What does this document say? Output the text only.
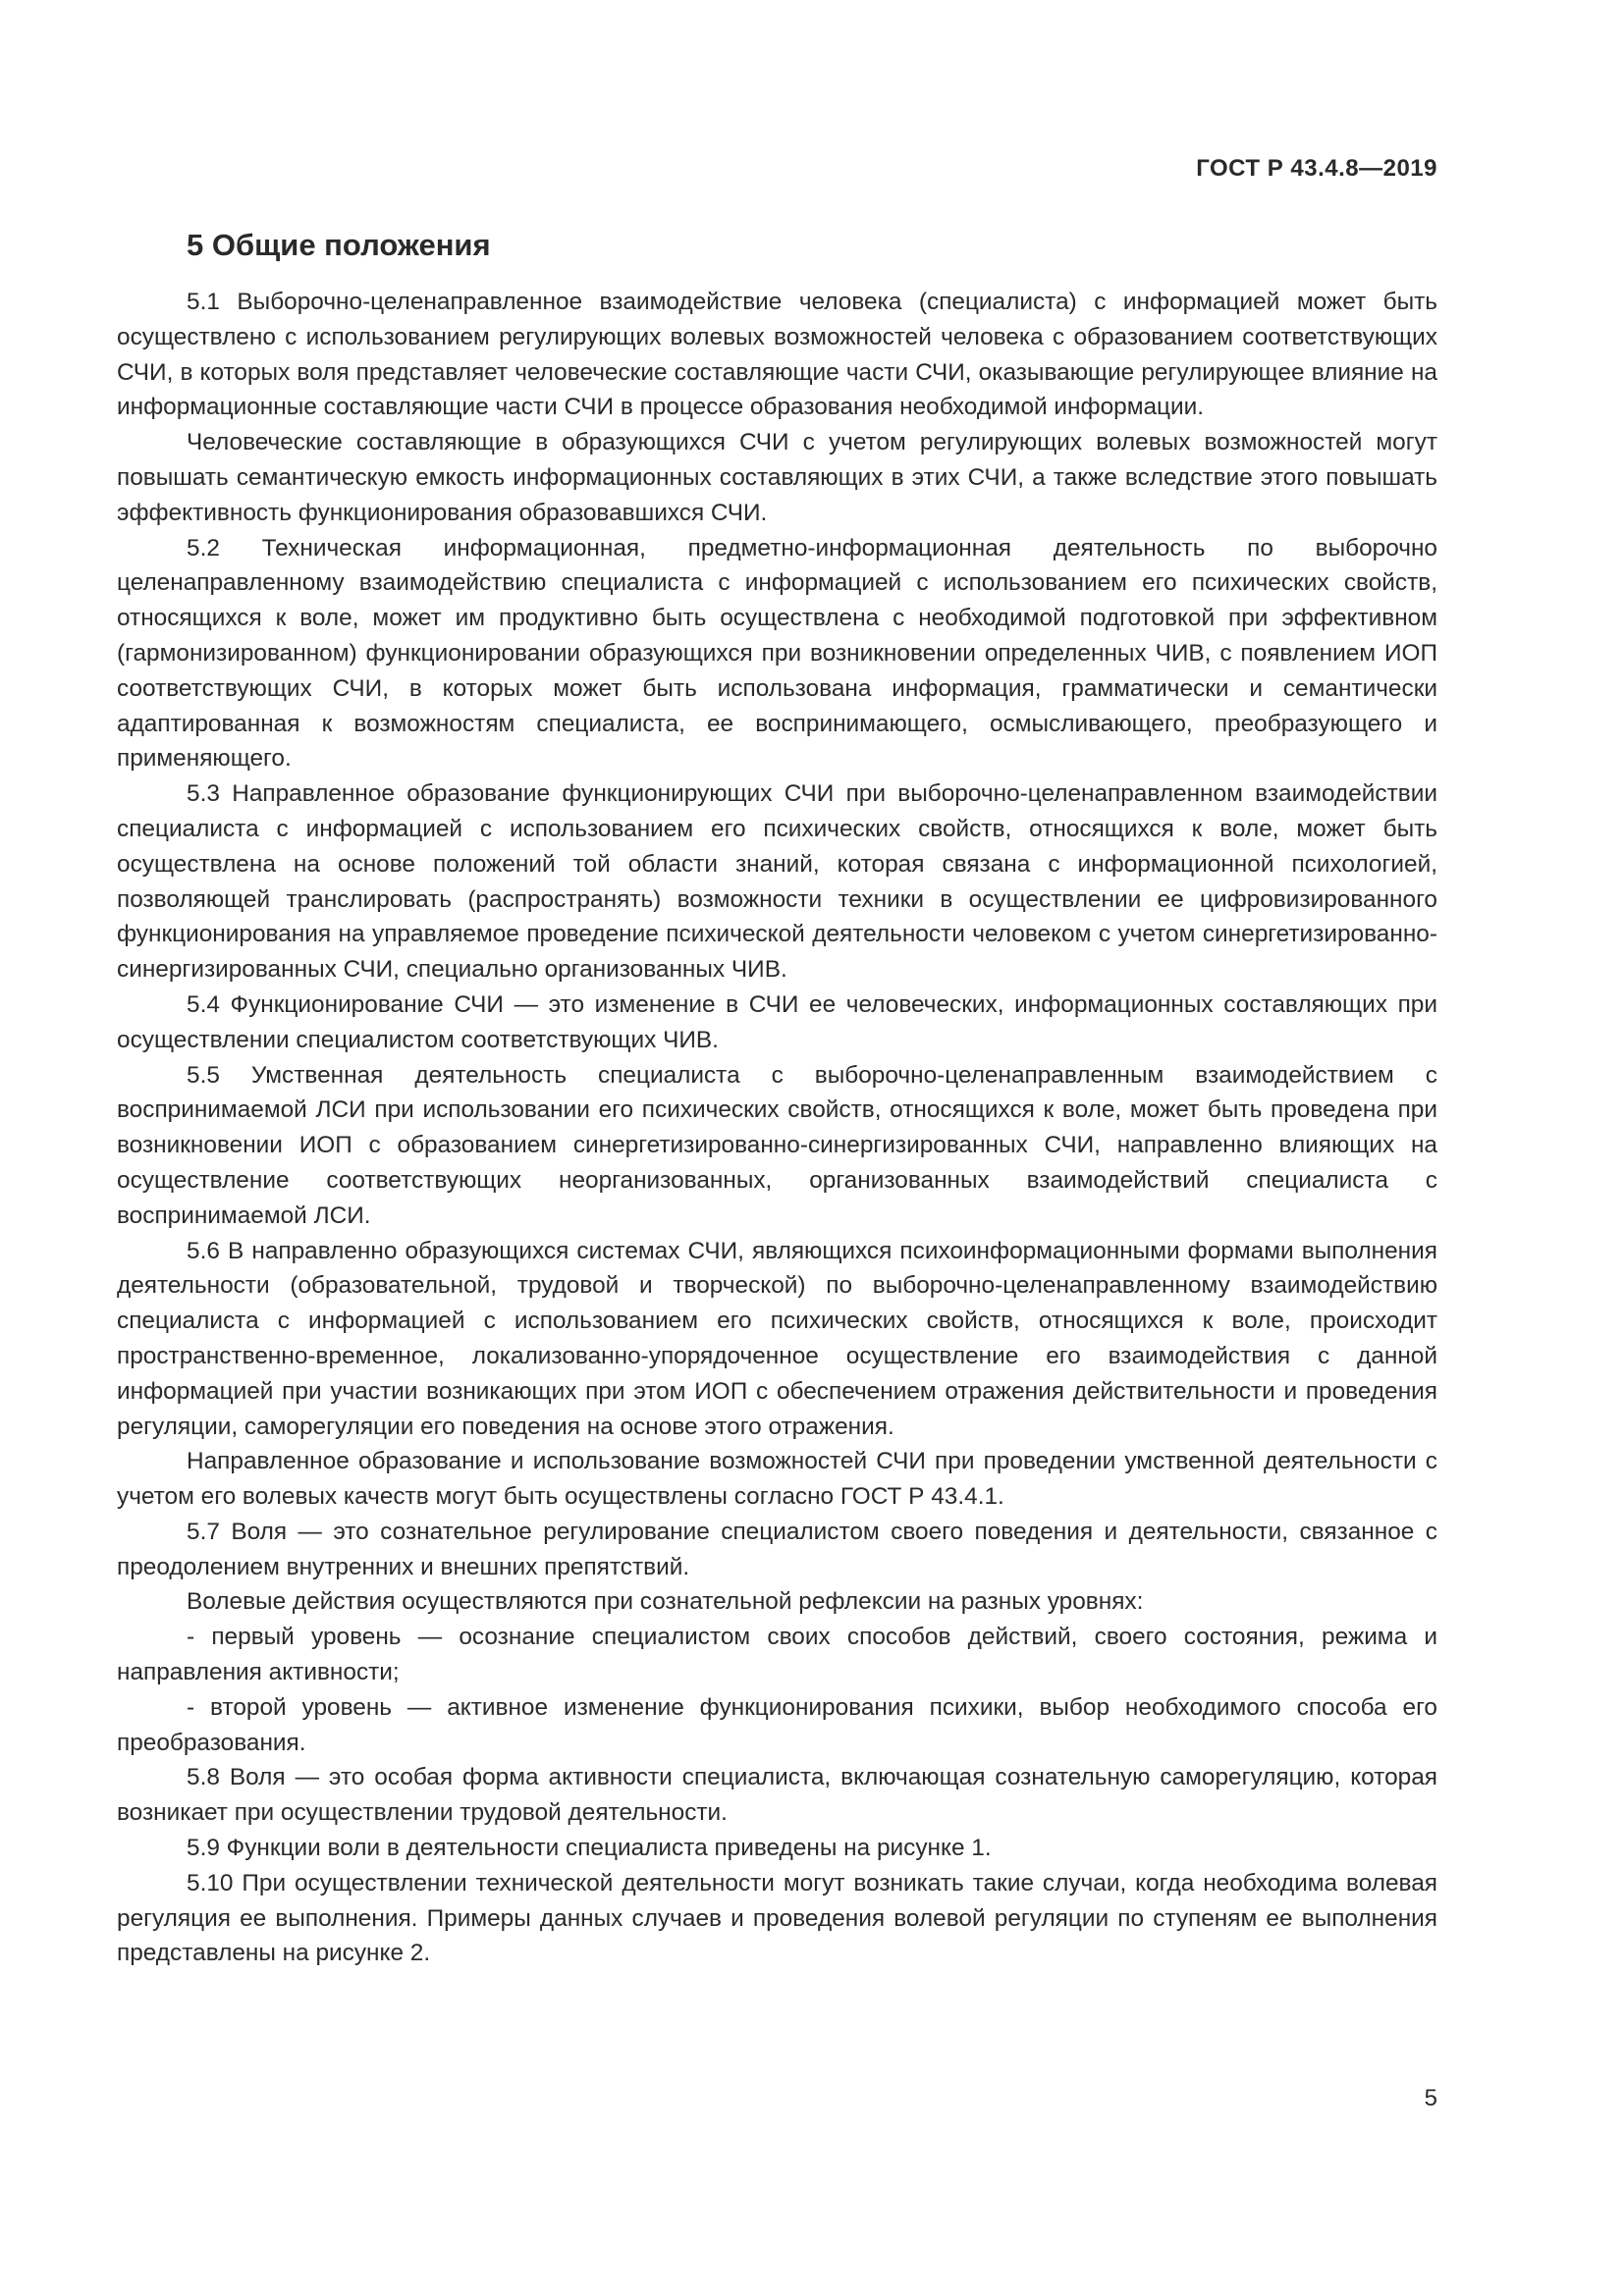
ГОСТ Р 43.4.8—2019
5 Общие положения

5.1 Выборочно-целенаправленное взаимодействие человека (специалиста) с информацией может быть осуществлено с использованием регулирующих волевых возможностей человека с образованием соответствующих СЧИ, в которых воля представляет человеческие составляющие части СЧИ, оказывающие регулирующее влияние на информационные составляющие части СЧИ в процессе образования необходимой информации.

Человеческие составляющие в образующихся СЧИ с учетом регулирующих волевых возможностей могут повышать семантическую емкость информационных составляющих в этих СЧИ, а также вследствие этого повышать эффективность функционирования образовавшихся СЧИ.

5.2 Техническая информационная, предметно-информационная деятельность по выборочно целенаправленному взаимодействию специалиста с информацией с использованием его психических свойств, относящихся к воле, может им продуктивно быть осуществлена с необходимой подготовкой при эффективном (гармонизированном) функционировании образующихся при возникновении определенных ЧИВ, с появлением ИОП соответствующих СЧИ, в которых может быть использована информация, грамматически и семантически адаптированная к возможностям специалиста, ее воспринимающего, осмысливающего, преобразующего и применяющего.

5.3 Направленное образование функционирующих СЧИ при выборочно-целенаправленном взаимодействии специалиста с информацией с использованием его психических свойств, относящихся к воле, может быть осуществлена на основе положений той области знаний, которая связана с информационной психологией, позволяющей транслировать (распространять) возможности техники в осуществлении ее цифровизированного функционирования на управляемое проведение психической деятельности человеком с учетом синергетизированно-синергизированных СЧИ, специально организованных ЧИВ.

5.4 Функционирование СЧИ — это изменение в СЧИ ее человеческих, информационных составляющих при осуществлении специалистом соответствующих ЧИВ.

5.5 Умственная деятельность специалиста с выборочно-целенаправленным взаимодействием с воспринимаемой ЛСИ при использовании его психических свойств, относящихся к воле, может быть проведена при возникновении ИОП с образованием синергетизированно-синергизированных СЧИ, направленно влияющих на осуществление соответствующих неорганизованных, организованных взаимодействий специалиста с воспринимаемой ЛСИ.

5.6 В направленно образующихся системах СЧИ, являющихся психоинформационными формами выполнения деятельности (образовательной, трудовой и творческой) по выборочно-целенаправленному взаимодействию специалиста с информацией с использованием его психических свойств, относящихся к воле, происходит пространственно-временное, локализованно-упорядоченное осуществление его взаимодействия с данной информацией при участии возникающих при этом ИОП с обеспечением отражения действительности и проведения регуляции, саморегуляции его поведения на основе этого отражения.

Направленное образование и использование возможностей СЧИ при проведении умственной деятельности с учетом его волевых качеств могут быть осуществлены согласно ГОСТ Р 43.4.1.

5.7 Воля — это сознательное регулирование специалистом своего поведения и деятельности, связанное с преодолением внутренних и внешних препятствий.

Волевые действия осуществляются при сознательной рефлексии на разных уровнях:

- первый уровень — осознание специалистом своих способов действий, своего состояния, режима и направления активности;

- второй уровень — активное изменение функционирования психики, выбор необходимого способа его преобразования.

5.8 Воля — это особая форма активности специалиста, включающая сознательную саморегуляцию, которая возникает при осуществлении трудовой деятельности.

5.9 Функции воли в деятельности специалиста приведены на рисунке 1.

5.10 При осуществлении технической деятельности могут возникать такие случаи, когда необходима волевая регуляция ее выполнения. Примеры данных случаев и проведения волевой регуляции по ступеням ее выполнения представлены на рисунке 2.

5
